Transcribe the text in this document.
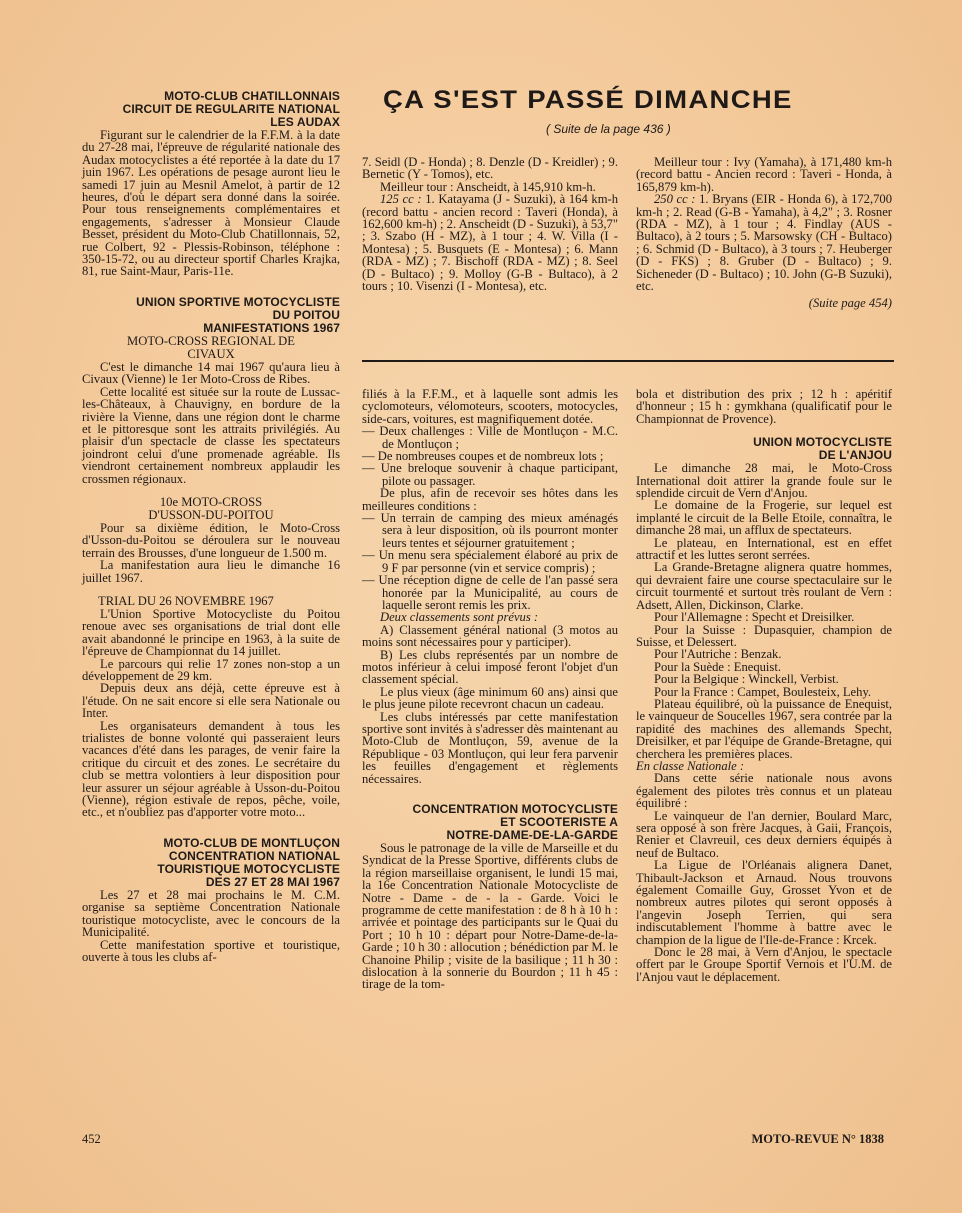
ÇA S'EST PASSÉ DIMANCHE
( Suite de la page 436 )
MOTO-CLUB CHATILLONNAIS
CIRCUIT DE REGULARITE NATIONAL
LES AUDAX

Figurant sur le calendrier de la F.F.M. à la date du 27-28 mai, l'épreuve de régularité nationale des Audax motocyclistes a été reportée à la date du 17 juin 1967. Les opérations de pesage auront lieu le samedi 17 juin au Mesnil Amelot, à partir de 12 heures, d'où le départ sera donné dans la soirée. Pour tous renseignements complémentaires et engagements, s'adresser à Monsieur Claude Besset, président du Moto-Club Chatillonnais, 52, rue Colbert, 92 - Plessis-Robinson, téléphone : 350-15-72, ou au directeur sportif Charles Krajka, 81, rue Saint-Maur, Paris-11e.

UNION SPORTIVE MOTOCYCLISTE
DU POITOU
MANIFESTATIONS 1967
MOTO-CROSS REGIONAL DE
CIVAUX

C'est le dimanche 14 mai 1967 qu'aura lieu à Civaux (Vienne) le 1er Moto-Cross de Ribes.

Cette localité est située sur la route de Lussac-les-Châteaux, à Chauvigny, en bordure de la rivière la Vienne, dans une région dont le charme et le pittoresque sont les attraits privilégiés. Au plaisir d'un spectacle de classe les spectateurs joindront celui d'une promenade agréable. Ils viendront certainement nombreux applaudir les crossmen régionaux.

10e MOTO-CROSS
D'USSON-DU-POITOU

Pour sa dixième édition, le Moto-Cross d'Usson-du-Poitou se déroulera sur le nouveau terrain des Brousses, d'une longueur de 1.500 m.

La manifestation aura lieu le dimanche 16 juillet 1967.

TRIAL DU 26 NOVEMBRE 1967

L'Union Sportive Motocycliste du Poitou renoue avec ses organisations de trial dont elle avait abandonné le principe en 1963, à la suite de l'épreuve de Championnat du 14 juillet.

Le parcours qui relie 17 zones non-stop a un développement de 29 km.

Depuis deux ans déjà, cette épreuve est à l'étude. On ne sait encore si elle sera Nationale ou Inter.

Les organisateurs demandent à tous les trialistes de bonne volonté qui passeraient leurs vacances d'été dans les parages, de venir faire la critique du circuit et des zones. Le secrétaire du club se mettra volontiers à leur disposition pour leur assurer un séjour agréable à Usson-du-Poitou (Vienne), région estivale de repos, pêche, voile, etc., et n'oubliez pas d'apporter votre moto...

MOTO-CLUB DE MONTLUÇON
CONCENTRATION NATIONAL
TOURISTIQUE MOTOCYCLISTE
DES 27 ET 28 MAI 1967

Les 27 et 28 mai prochains le M. C.M. organise sa septième Concentration Nationale touristique motocycliste, avec le concours de la Municipalité.

Cette manifestation sportive et touristique, ouverte à tous les clubs af-

7. Seidl (D - Honda) ; 8. Denzle (D - Kreidler) ; 9. Bernetic (Y - Tomos), etc.

Meilleur tour : Anscheidt, à 145,910 km-h.

125 cc : 1. Katayama (J - Suzuki), à 164 km-h (record battu - ancien record : Taveri (Honda), à 162,600 km-h) ; 2. Anscheidt (D - Suzuki), à 53,7" ; 3. Szabo (H - MZ), à 1 tour ; 4. W. Villa (I - Montesa) ; 5. Busquets (E - Montesa) ; 6. Mann (RDA - MZ) ; 7. Bischoff (RDA - MZ) ; 8. Seel (D - Bultaco) ; 9. Molloy (G-B - Bultaco), à 2 tours ; 10. Visenzi (I - Montesa), etc.

Meilleur tour : Ivy (Yamaha), à 171,480 km-h (record battu - Ancien record : Taveri - Honda, à 165,879 km-h).

250 cc : 1. Bryans (EIR - Honda 6), à 172,700 km-h ; 2. Read (G-B - Yamaha), à 4,2" ; 3. Rosner (RDA - MZ), à 1 tour ; 4. Findlay (AUS - Bultaco), à 2 tours ; 5. Marsowsky (CH - Bultaco) ; 6. Schmid (D - Bultaco), à 3 tours ; 7. Heuberger (D - FKS) ; 8. Gruber (D - Bultaco) ; 9. Sicheneder (D - Bultaco) ; 10. John (G-B Suzuki), etc.

(Suite page 454)

filiés à la F.F.M., et à laquelle sont admis les cyclomoteurs, vélomoteurs, scooters, motocycles, side-cars, voitures, est magnifiquement dotée.

— Deux challenges : Ville de Montluçon - M.C. de Montluçon ;
— De nombreuses coupes et de nombreux lots ;
— Une breloque souvenir à chaque participant, pilote ou passager.

De plus, afin de recevoir ses hôtes dans les meilleures conditions :

— Un terrain de camping des mieux aménagés sera à leur disposition, où ils pourront monter leurs tentes et séjourner gratuitement ;
— Un menu sera spécialement élaboré au prix de 9 F par personne (vin et service compris) ;
— Une réception digne de celle de l'an passé sera honorée par la Municipalité, au cours de laquelle seront remis les prix.

Deux classements sont prévus :

A) Classement général national (3 motos au moins sont nécessaires pour y participer).

B) Les clubs représentés par un nombre de motos inférieur à celui imposé feront l'objet d'un classement spécial.

Le plus vieux (âge minimum 60 ans) ainsi que le plus jeune pilote recevront chacun un cadeau.

Les clubs intéressés par cette manifestation sportive sont invités à s'adresser dès maintenant au Moto-Club de Montluçon, 59, avenue de la République - 03 Montluçon, qui leur fera parvenir les feuilles d'engagement et règlements nécessaires.

CONCENTRATION MOTOCYCLISTE
ET SCOOTERISTE A
NOTRE-DAME-DE-LA-GARDE

Sous le patronage de la ville de Marseille et du Syndicat de la Presse Sportive, différents clubs de la région marseillaise organisent, le lundi 15 mai, la 16e Concentration Nationale Motocycliste de Notre - Dame - de - la - Garde. Voici le programme de cette manifestation : de 8 h à 10 h : arrivée et pointage des participants sur le Quai du Port ; 10 h 10 : départ pour Notre-Dame-de-la-Garde ; 10 h 30 : allocution ; bénédiction par M. le Chanoine Philip ; visite de la basilique ; 11 h 30 : dislocation à la sonnerie du Bourdon ; 11 h 45 : tirage de la tom-

bola et distribution des prix ; 12 h : apéritif d'honneur ; 15 h : gymkhana (qualificatif pour le Championnat de Provence).

UNION MOTOCYCLISTE
DE L'ANJOU

Le dimanche 28 mai, le Moto-Cross International doit attirer la grande foule sur le splendide circuit de Vern d'Anjou.

Le domaine de la Frogerie, sur lequel est implanté le circuit de la Belle Etoile, connaîtra, le dimanche 28 mai, un afflux de spectateurs.

Le plateau, en International, est en effet attractif et les luttes seront serrées.

La Grande-Bretagne alignera quatre hommes, qui devraient faire une course spectaculaire sur le circuit tourmenté et surtout très roulant de Vern : Adsett, Allen, Dickinson, Clarke.

Pour l'Allemagne : Specht et Dreisilker.

Pour la Suisse : Dupasquier, champion de Suisse, et Delessert.

Pour l'Autriche : Benzak.

Pour la Suède : Enequist.

Pour la Belgique : Winckell, Verbist.

Pour la France : Campet, Boulesteix, Lehy.

Plateau équilibré, où la puissance de Enequist, le vainqueur de Soucelles 1967, sera contrée par la rapidité des machines des allemands Specht, Dreisilker, et par l'équipe de Grande-Bretagne, qui cherchera les premières places.

En classe Nationale :

Dans cette série nationale nous avons également des pilotes très connus et un plateau équilibré :

Le vainqueur de l'an dernier, Boulard Marc, sera opposé à son frère Jacques, à Gaii, François, Renier et Clavreuil, ces deux derniers équipés à neuf de Bultaco.

La Ligue de l'Orléanais alignera Danet, Thibault-Jackson et Arnaud. Nous trouvons également Comaille Guy, Grosset Yvon et de nombreux autres pilotes qui seront opposés à l'angevin Joseph Terrien, qui sera indiscutablement l'homme à battre avec le champion de la ligue de l'Ile-de-France : Krcek.

Donc le 28 mai, à Vern d'Anjou, le spectacle offert par le Groupe Sportif Vernois et l'U.M. de l'Anjou vaut le déplacement.

452	MOTO-REVUE N° 1838
